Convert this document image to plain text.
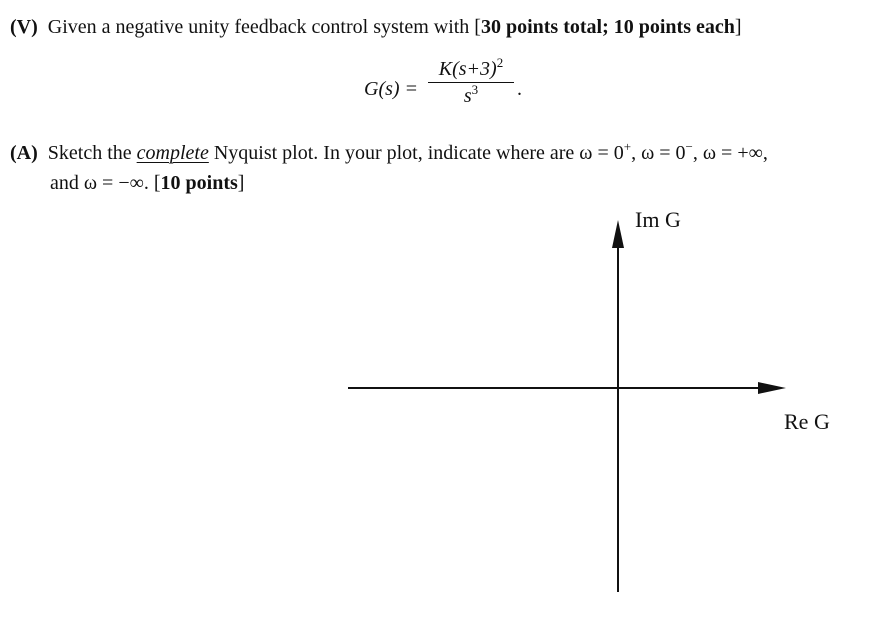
(V) Given a negative unity feedback control system with [30 points total; 10 points each]
G(s) =
$K(s+3)^2$
$s^3$	.
(A) Sketch the complete Nyquist plot. In your plot, indicate where are ω = 0+, ω = 0−, ω = +∞,
and ω = −∞. [10 points]
Im G
Re G
